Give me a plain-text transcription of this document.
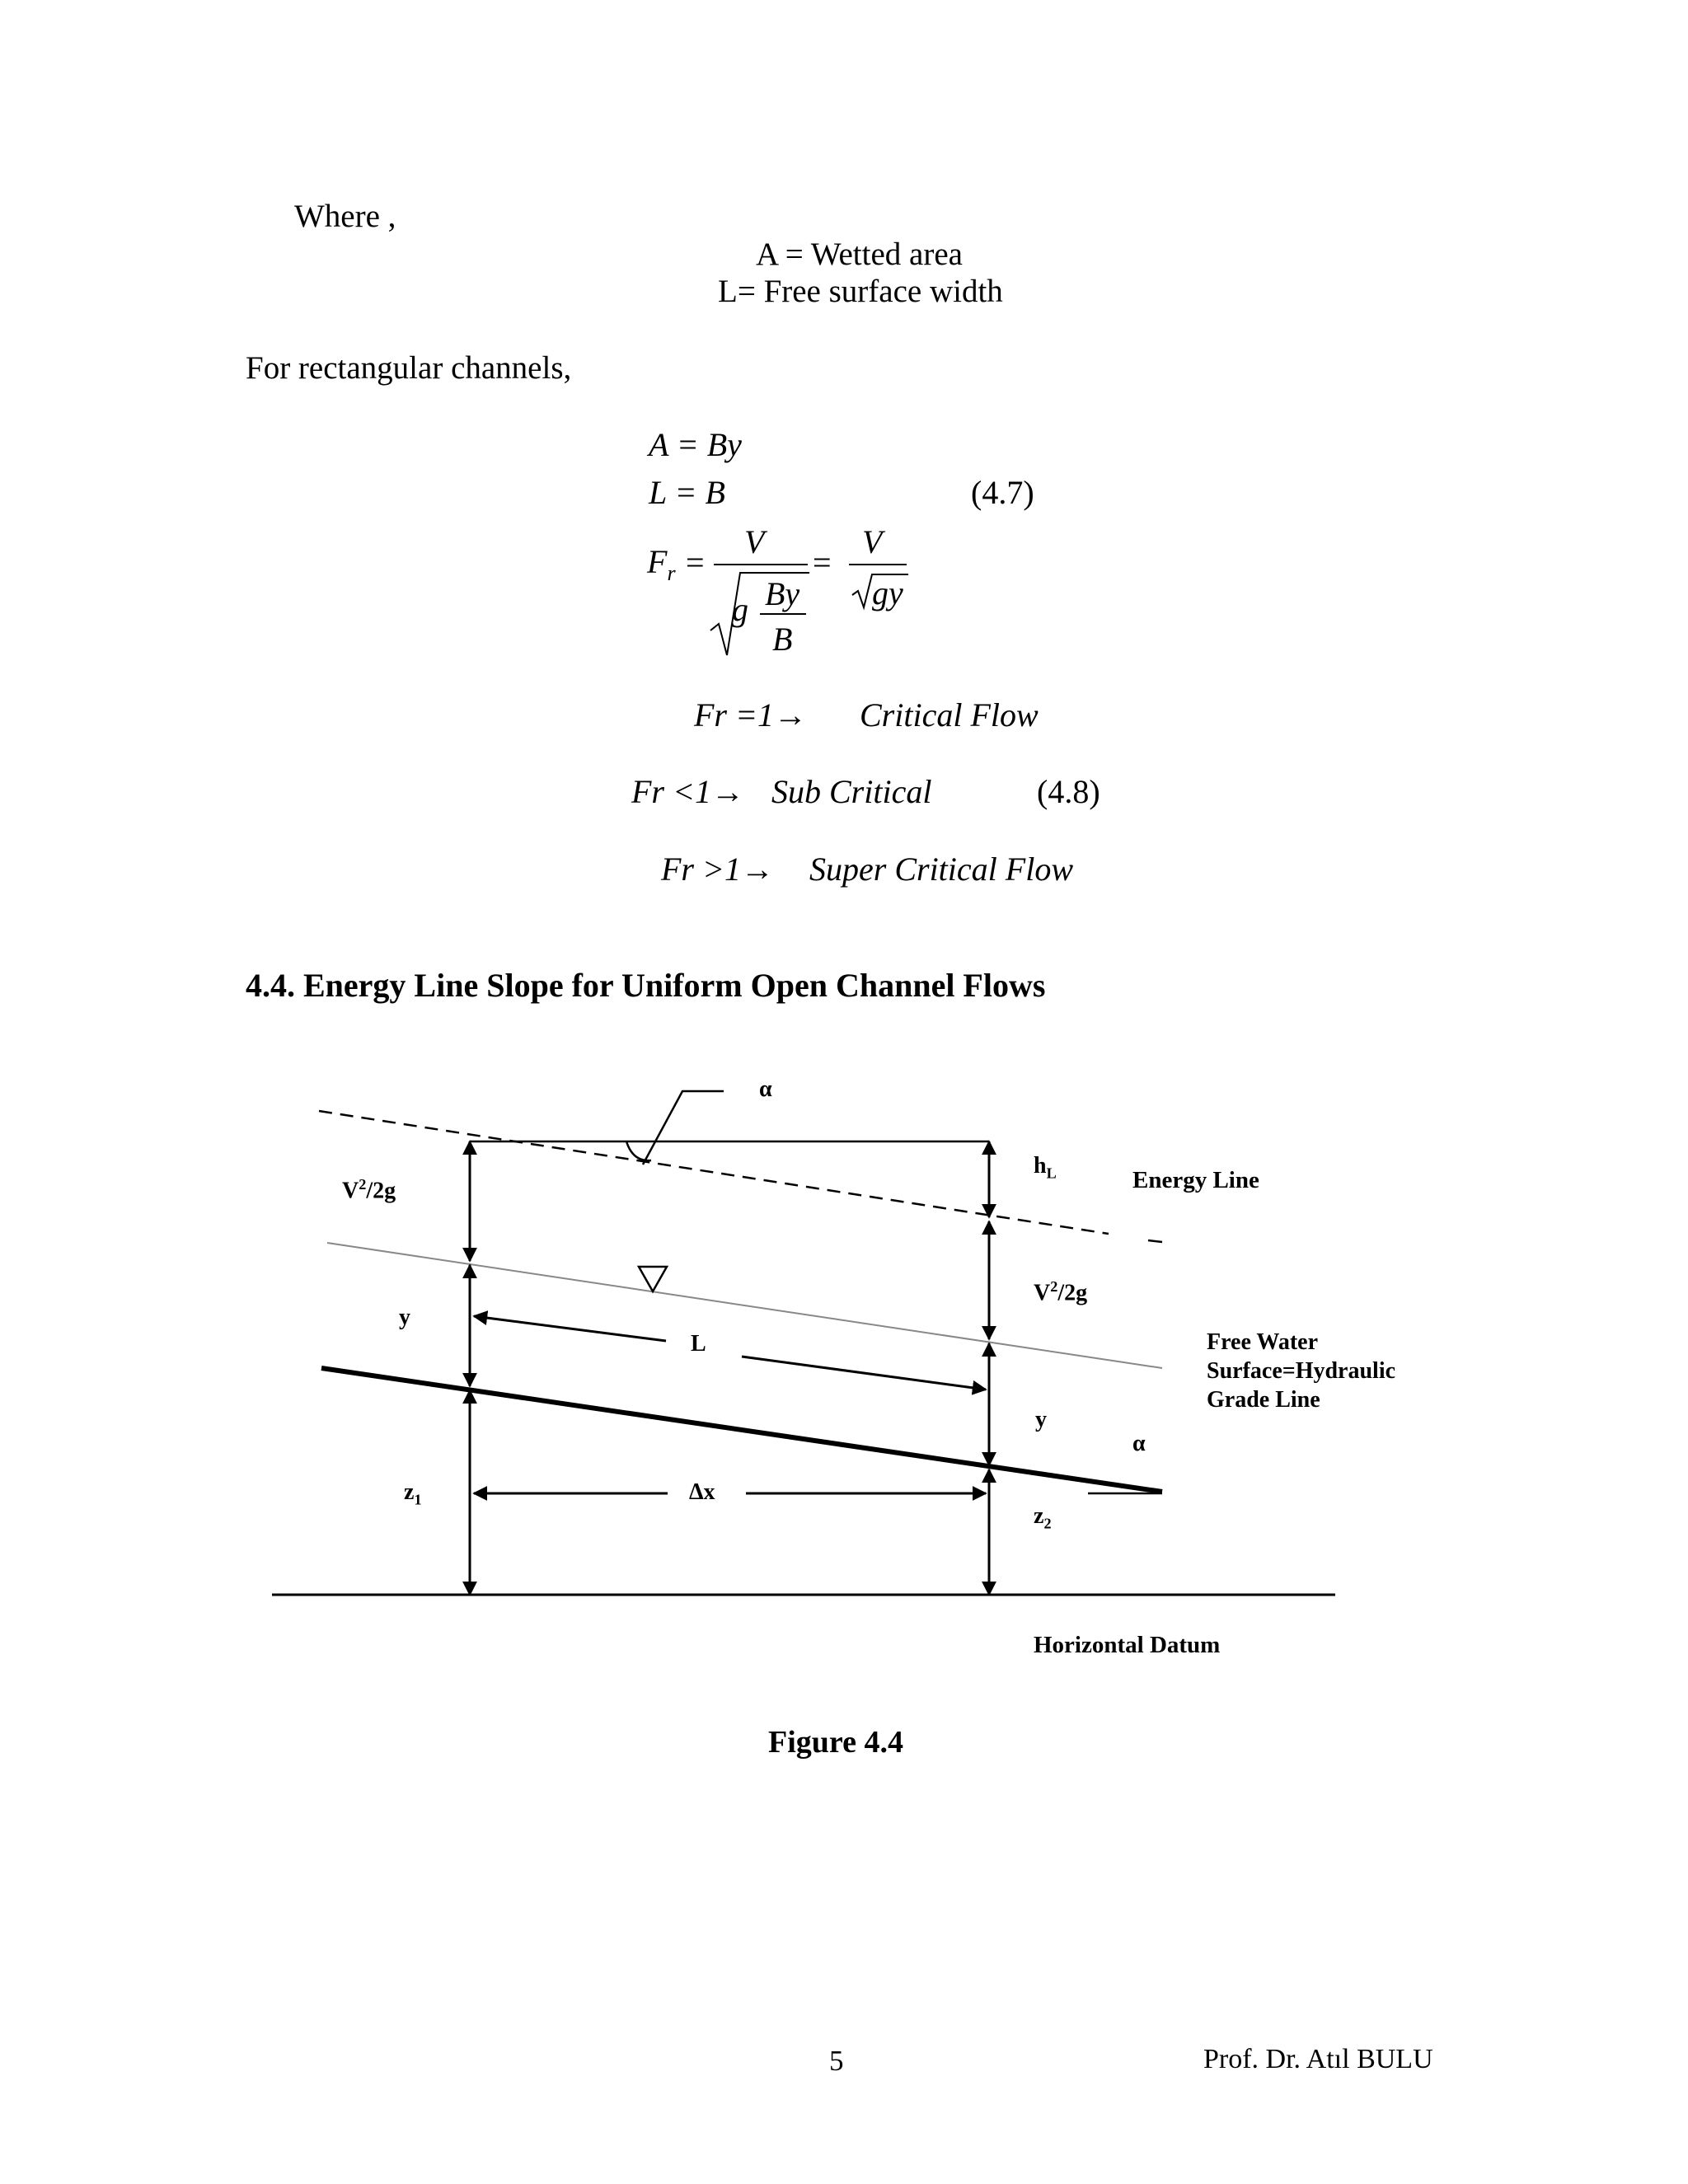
Where ,
A = Wetted area
L= Free surface width
For rectangular channels,
A = By
L = B	(4.7)
$F_r$ =
V
g By
B
=
V
gy
Fr =1→ Critical Flow
Fr <1→ Sub Critical	(4.8)
Fr >1→ Super Critical Flow
4.4. Energy Line Slope for Uniform Open Channel Flows
α
$V^2/2g$
$h_L$	Energy Line
$V^2/2g$
y
L	Free Water
Surface=Hydraulic
Grade Line
y
α
$z_1$	Δx
$z_2$
Horizontal Datum
Figure 4.4
5	Prof. Dr. Atıl BULU
